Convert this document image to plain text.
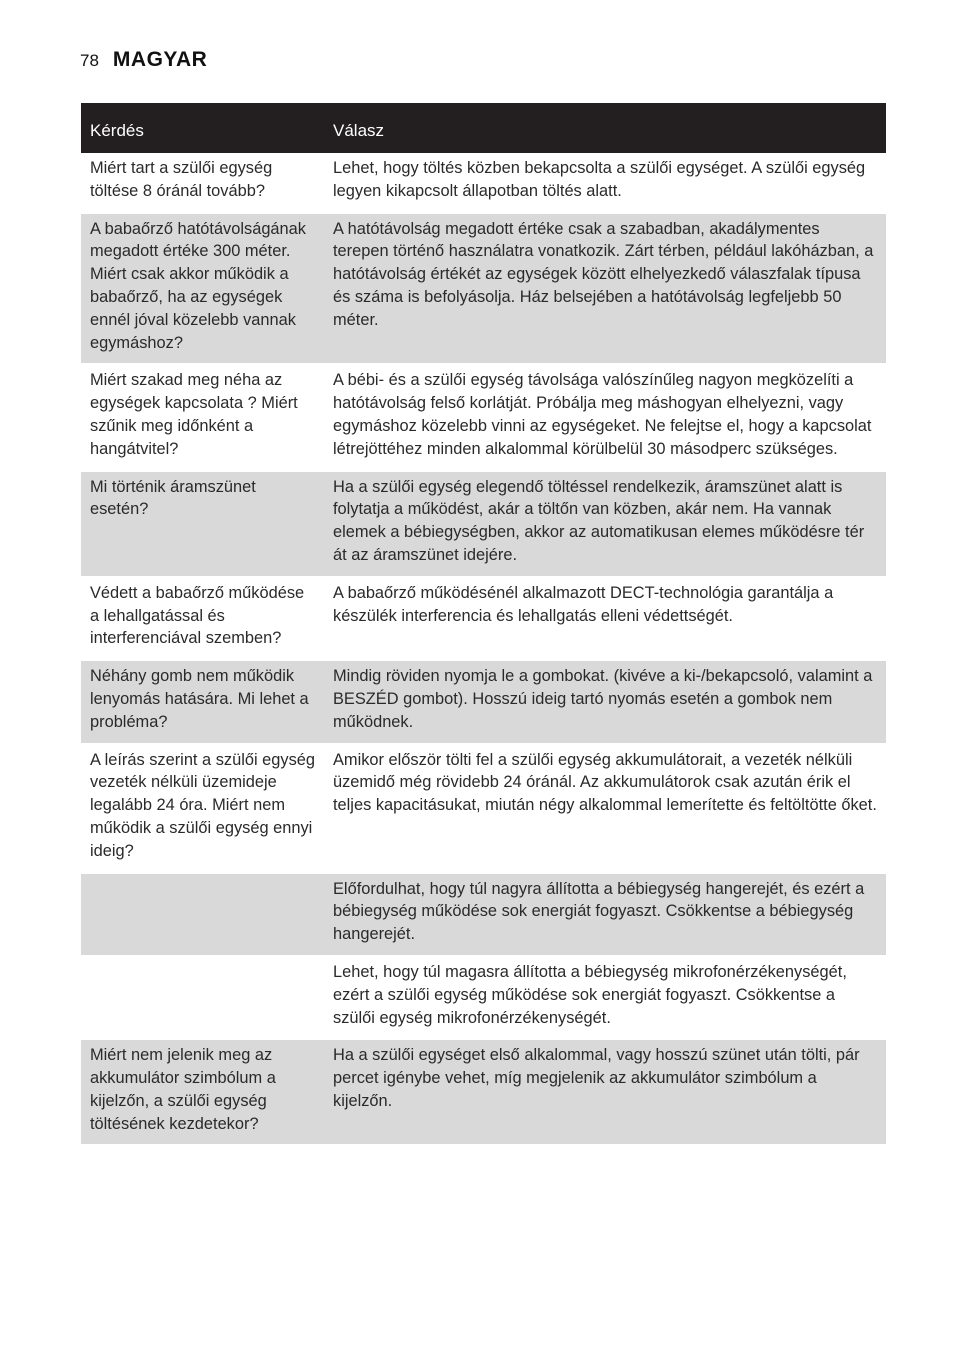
78 MAGYAR
Kérdés	Válasz
Miért tart a szülői egység töltése 8 óránál tovább?	Lehet, hogy töltés közben bekapcsolta a szülői egységet. A szülői egység legyen kikapcsolt állapotban töltés alatt.
A babaőrző hatótávolságának megadott értéke 300 méter. Miért csak akkor működik a babaőrző, ha az egységek ennél jóval közelebb vannak egymáshoz?	A hatótávolság megadott értéke csak a szabadban, akadálymentes terepen történő használatra vonatkozik. Zárt térben, például lakóházban, a hatótávolság értékét az egységek között elhelyezkedő válaszfalak típusa és száma is befolyásolja. Ház belsejében a hatótávolság legfeljebb 50 méter.
Miért szakad meg néha az egységek kapcsolata ? Miért szűnik meg időnként a hangátvitel?	A bébi- és a szülői egység távolsága valószínűleg nagyon megközelíti a hatótávolság felső korlátját. Próbálja meg máshogyan elhelyezni, vagy egymáshoz közelebb vinni az egységeket. Ne felejtse el, hogy a kapcsolat létrejöttéhez minden alkalommal körülbelül 30 másodperc szükséges.
Mi történik áramszünet esetén?	Ha a szülői egység elegendő töltéssel rendelkezik, áramszünet alatt is folytatja a működést, akár a töltőn van közben, akár nem. Ha vannak elemek a bébiegységben, akkor az automatikusan elemes működésre tér át az áramszünet idejére.
Védett a babaőrző működése a lehallgatással és interferenciával szemben?	A babaőrző működésénél alkalmazott DECT-technológia garantálja a készülék interferencia és lehallgatás elleni védettségét.
Néhány gomb nem működik lenyomás hatására. Mi lehet a probléma?	Mindig röviden nyomja le a gombokat. (kivéve a ki-/bekapcsoló, valamint a BESZÉD gombot). Hosszú ideig tartó nyomás esetén a gombok nem működnek.
A leírás szerint a szülői egység vezeték nélküli üzemideje legalább 24 óra. Miért nem működik a szülői egység ennyi ideig?	Amikor először tölti fel a szülői egység akkumulátorait, a vezeték nélküli üzemidő még rövidebb 24 óránál. Az akkumulátorok csak azután érik el teljes kapacitásukat, miután négy alkalommal lemerítette és feltöltötte őket.
	Előfordulhat, hogy túl nagyra állította a bébiegység hangerejét, és ezért a bébiegység működése sok energiát fogyaszt. Csökkentse a bébiegység hangerejét.
	Lehet, hogy túl magasra állította a bébiegység mikrofonérzékenységét, ezért a szülői egység működése sok energiát fogyaszt. Csökkentse a szülői egység mikrofonérzékenységét.
Miért nem jelenik meg az akkumulátor szimbólum a kijelzőn, a szülői egység töltésének kezdetekor?	Ha a szülői egységet első alkalommal, vagy hosszú szünet után tölti, pár percet igénybe vehet, míg megjelenik az akkumulátor szimbólum a kijelzőn.
